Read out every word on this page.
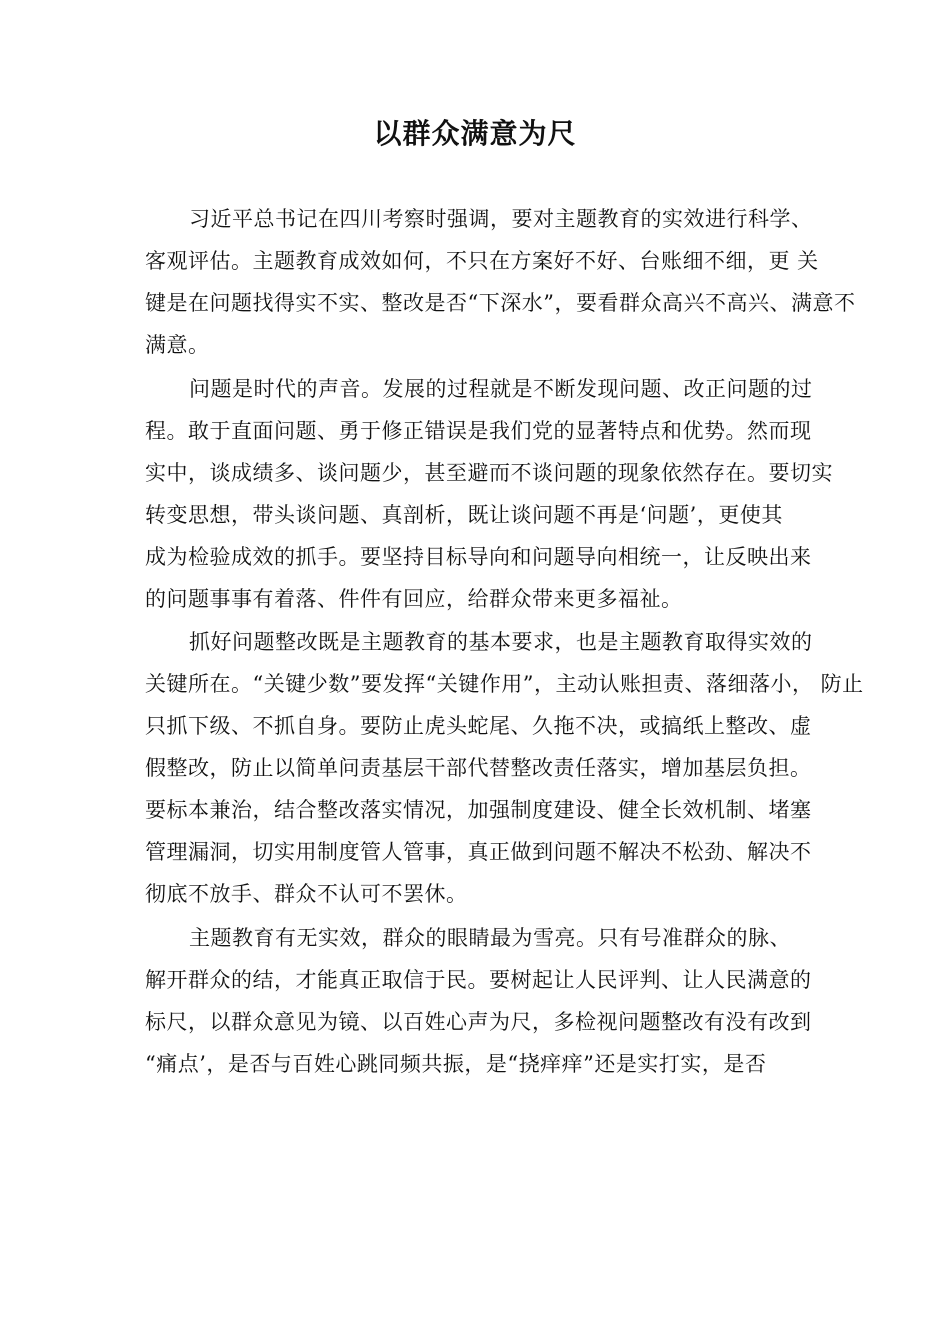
以群众满意为尺
习近平总书记在四川考察时强调，要对主题教育的实效进行科学、
客观评估。主题教育成效如何，不只在方案好不好、台账细不细，更 关
键是在问题找得实不实、整改是否“下深水”，要看群众高兴不高兴、满意不
满意。
问题是时代的声音。发展的过程就是不断发现问题、改正问题的过
程。敢于直面问题、勇于修正错误是我们党的显著特点和优势。然而现
实中，谈成绩多、谈问题少，甚至避而不谈问题的现象依然存在。要切实
转变思想，带头谈问题、真剖析，既让谈问题不再是‘问题’，更使其
成为检验成效的抓手。要坚持目标导向和问题导向相统一，让反映出来
的问题事事有着落、件件有回应，给群众带来更多福祉。
抓好问题整改既是主题教育的基本要求，也是主题教育取得实效的
关键所在。“关键少数”要发挥“关键作用”，主动认账担责、落细落小， 防止
只抓下级、不抓自身。要防止虎头蛇尾、久拖不决，或搞纸上整改、虚
假整改，防止以简单问责基层干部代替整改责任落实，增加基层负担。
要标本兼治，结合整改落实情况，加强制度建设、健全长效机制、堵塞
管理漏洞，切实用制度管人管事，真正做到问题不解决不松劲、解决不
彻底不放手、群众不认可不罢休。
主题教育有无实效，群众的眼睛最为雪亮。只有号准群众的脉、
解开群众的结，才能真正取信于民。要树起让人民评判、让人民满意的
标尺，以群众意见为镜、以百姓心声为尺，多检视问题整改有没有改到
“痛点’，是否与百姓心跳同频共振，是“挠痒痒”还是实打实，是否
